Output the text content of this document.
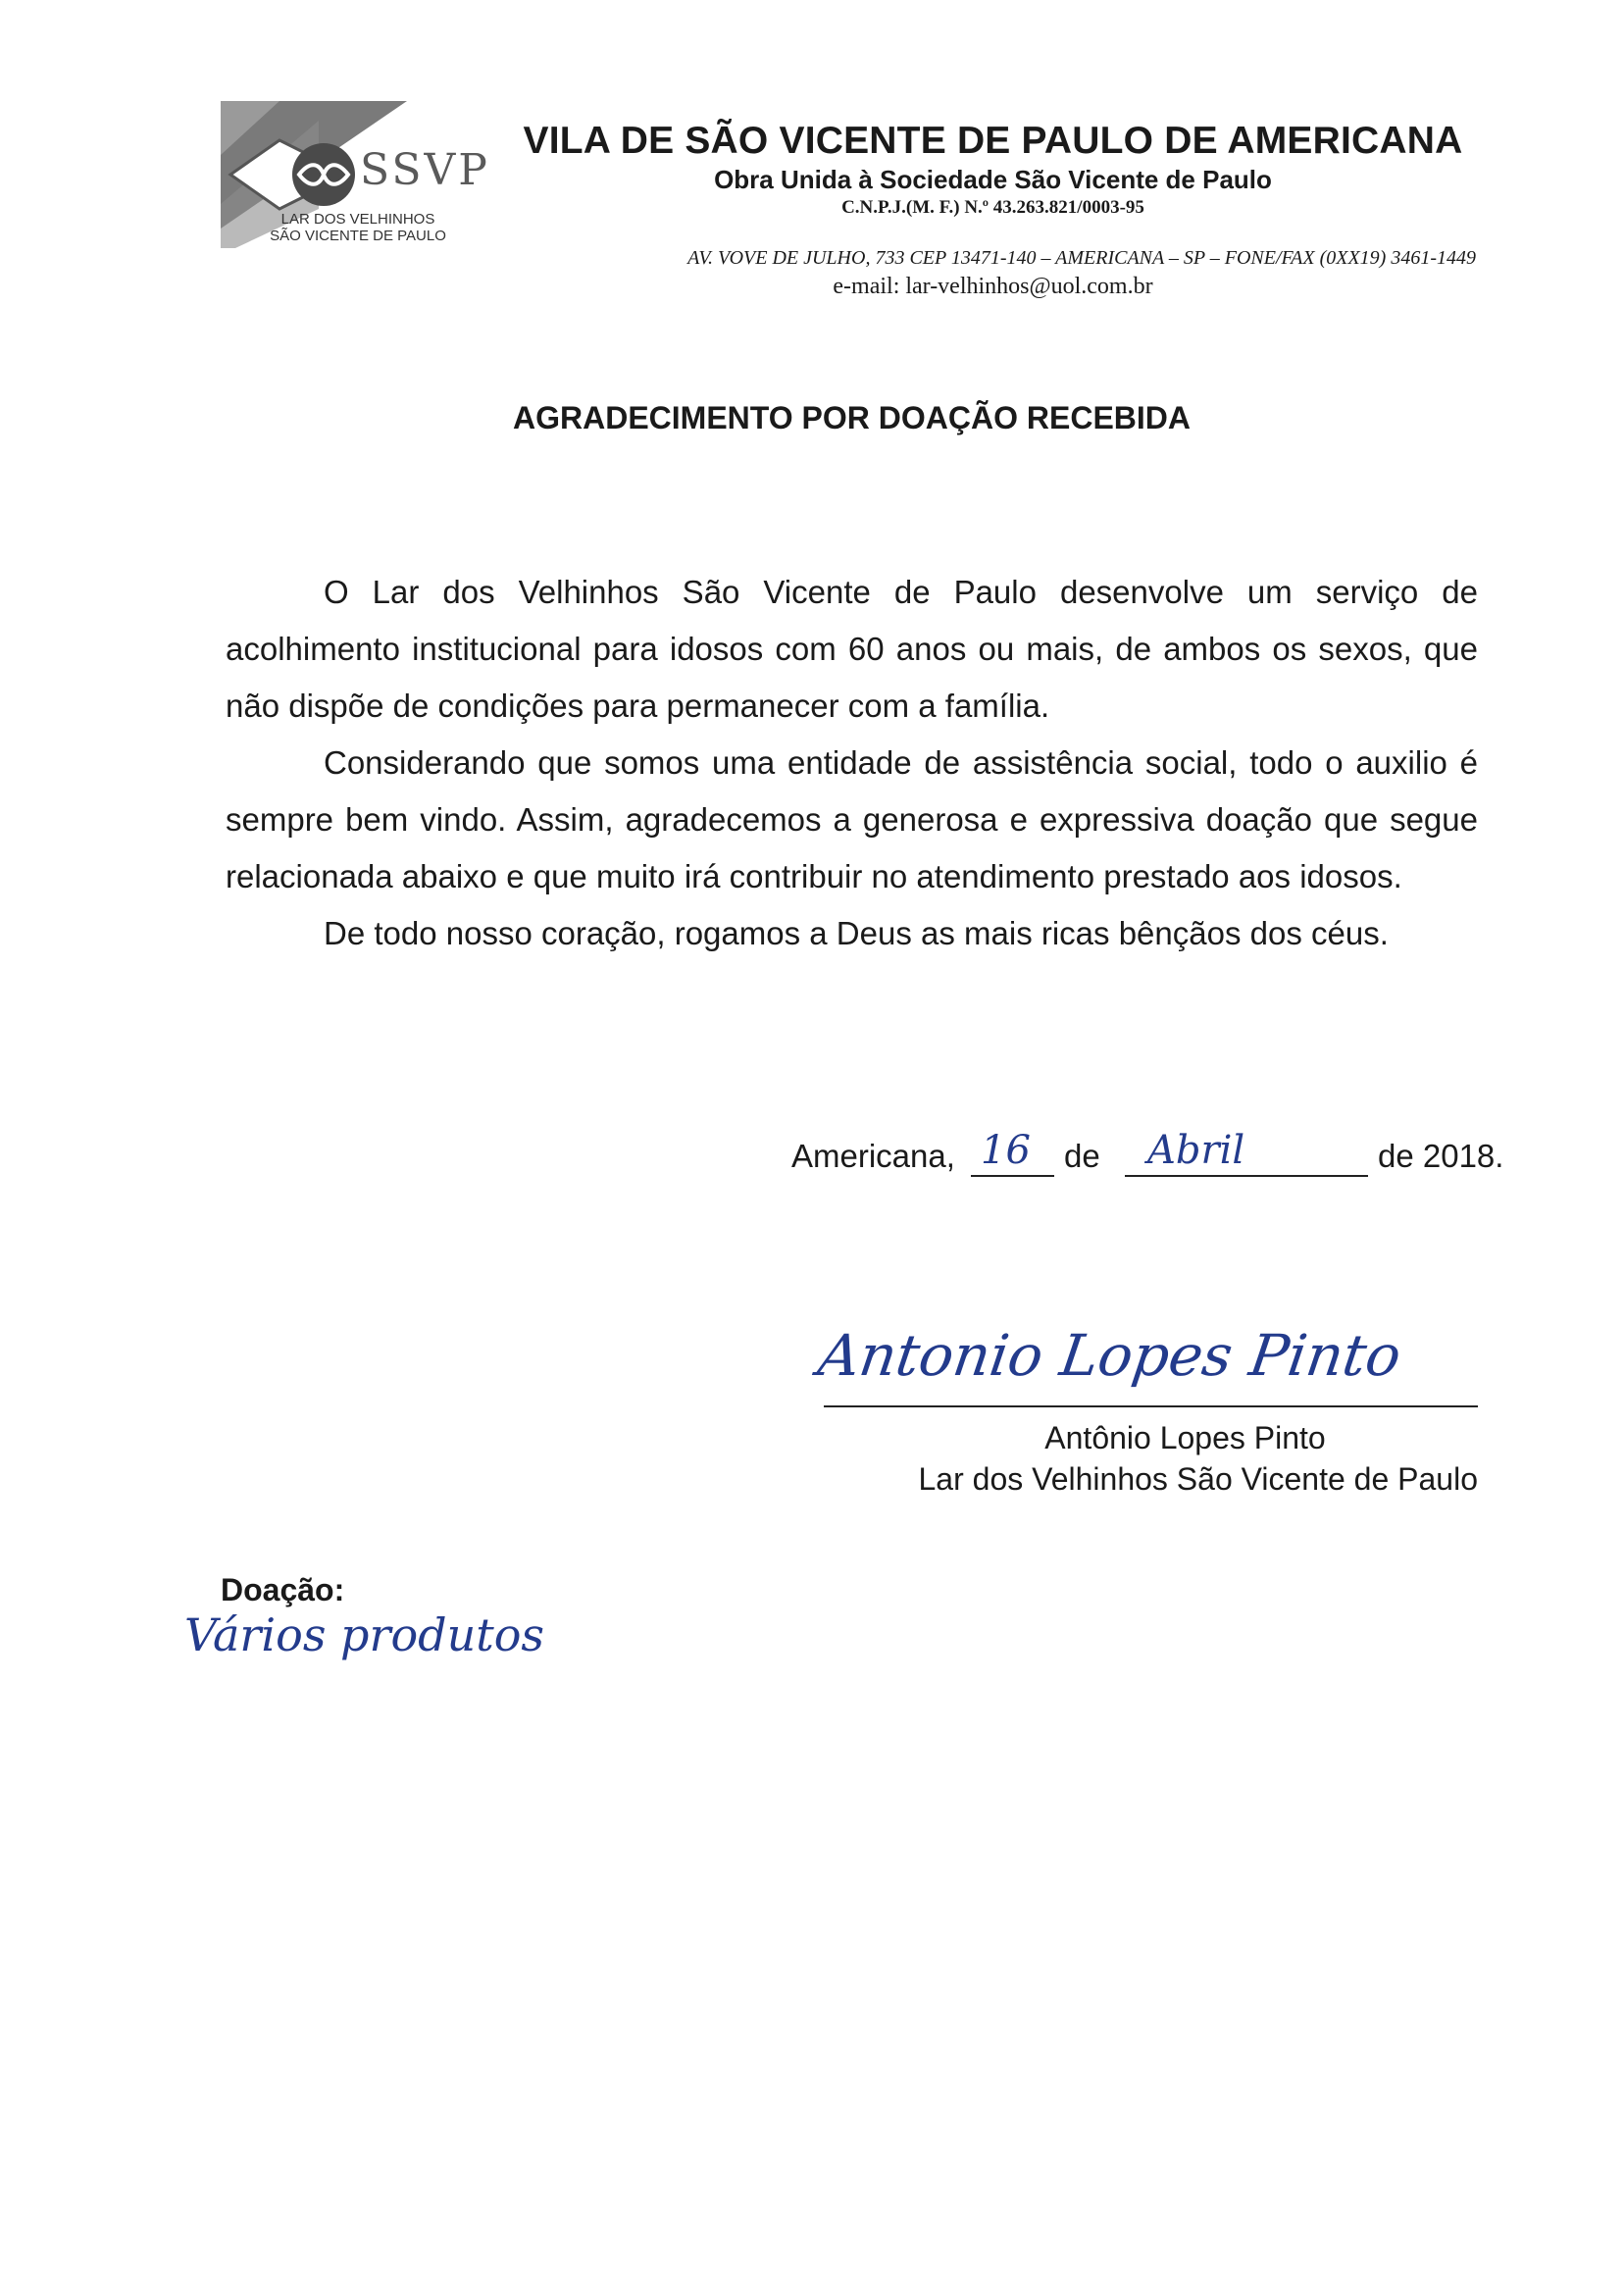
SSVP
LAR DOS VELHINHOS
SÃO VICENTE DE PAULO
VILA DE SÃO VICENTE DE PAULO DE AMERICANA
Obra Unida à Sociedade São Vicente de Paulo
C.N.P.J.(M. F.) N.º 43.263.821/0003-95
AV. VOVE DE JULHO, 733 CEP 13471-140 – AMERICANA – SP – FONE/FAX (0XX19) 3461-1449
e-mail: lar-velhinhos@uol.com.br
AGRADECIMENTO POR DOAÇÃO RECEBIDA

O Lar dos Velhinhos São Vicente de Paulo desenvolve um serviço de acolhimento institucional para idosos com 60 anos ou mais, de ambos os sexos, que não dispõe de condições para permanecer com a família.

Considerando que somos uma entidade de assistência social, todo o auxilio é sempre bem vindo. Assim, agradecemos a generosa e expressiva doação que segue relacionada abaixo e que muito irá contribuir no atendimento prestado aos idosos.

De todo nosso coração, rogamos a Deus as mais ricas bênçãos dos céus.

Americana, 16 de Abril	de 2018.
Antonio Lopes Pinto
Antônio Lopes Pinto
Lar dos Velhinhos São Vicente de Paulo
Doação:
Vários produtos
